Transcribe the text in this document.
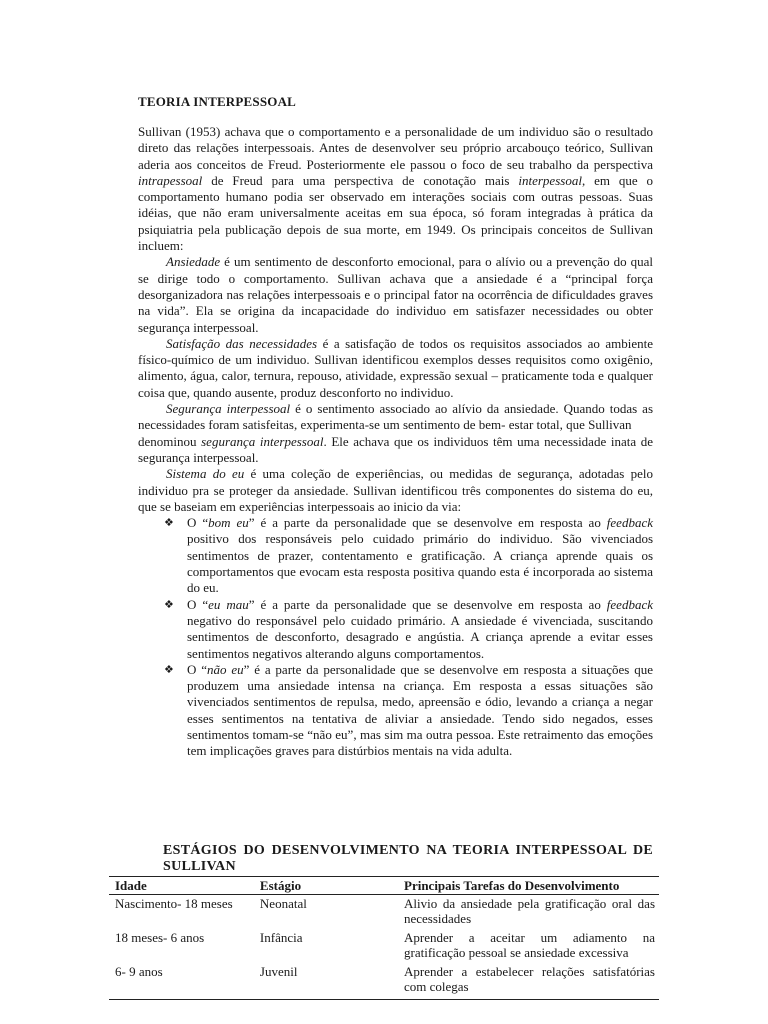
TEORIA INTERPESSOAL

Sullivan (1953) achava que o comportamento e a personalidade de um individuo são o resultado direto das relações interpessoais. Antes de desenvolver seu próprio arcabouço teórico, Sullivan aderia aos conceitos de Freud. Posteriormente ele passou o foco de seu trabalho da perspectiva intrapessoal de Freud para uma perspectiva de conotação mais interpessoal, em que o comportamento humano podia ser observado em interações sociais com outras pessoas. Suas idéias, que não eram universalmente aceitas em sua época, só foram integradas à prática da psiquiatria pela publicação depois de sua morte, em 1949. Os principais conceitos de Sullivan incluem:

Ansiedade é um sentimento de desconforto emocional, para o alívio ou a prevenção do qual se dirige todo o comportamento. Sullivan achava que a ansiedade é a “principal força desorganizadora nas relações interpessoais e o principal fator na ocorrência de dificuldades graves na vida”. Ela se origina da incapacidade do individuo em satisfazer necessidades ou obter segurança interpessoal.

Satisfação das necessidades é a satisfação de todos os requisitos associados ao ambiente físico-químico de um individuo. Sullivan identificou exemplos desses requisitos como oxigênio, alimento, água, calor, ternura, repouso, atividade, expressão sexual – praticamente toda e qualquer coisa que, quando ausente, produz desconforto no individuo.

Segurança interpessoal é o sentimento associado ao alívio da ansiedade. Quando todas as necessidades foram satisfeitas, experimenta-se um sentimento de bem- estar total, que Sullivan

denominou segurança interpessoal. Ele achava que os individuos têm uma necessidade inata de segurança interpessoal.

Sistema do eu é uma coleção de experiências, ou medidas de segurança, adotadas pelo individuo pra se proteger da ansiedade. Sullivan identificou três componentes do sistema do eu, que se baseiam em experiências interpessoais ao inicio da via:

❖ O “bom eu” é a parte da personalidade que se desenvolve em resposta ao feedback positivo dos responsáveis pelo cuidado primário do individuo. São vivenciados sentimentos de prazer, contentamento e gratificação. A criança aprende quais os comportamentos que evocam esta resposta positiva quando esta é incorporada ao sistema do eu.
❖ O “eu mau” é a parte da personalidade que se desenvolve em resposta ao feedback negativo do responsável pelo cuidado primário. A ansiedade é vivenciada, suscitando sentimentos de desconforto, desagrado e angústia. A criança aprende a evitar esses sentimentos negativos alterando alguns comportamentos.
❖ O “não eu” é a parte da personalidade que se desenvolve em resposta a situações que produzem uma ansiedade intensa na criança. Em resposta a essas situações são vivenciados sentimentos de repulsa, medo, apreensão e ódio, levando a criança a negar esses sentimentos na tentativa de aliviar a ansiedade. Tendo sido negados, esses sentimentos tomam-se “não eu”, mas sim ma outra pessoa. Este retraimento das emoções tem implicações graves para distúrbios mentais na vida adulta.
ESTÁGIOS DO DESENVOLVIMENTO NA TEORIA INTERPESSOAL DE SULLIVAN
Idade	Estágio	Principais Tarefas do Desenvolvimento
Nascimento- 18 meses	Neonatal	Alivio da ansiedade pela gratificação oral das necessidades
18 meses- 6 anos	Infância	Aprender a aceitar um adiamento na gratificação pessoal se ansiedade excessiva
6- 9 anos	Juvenil	Aprender a estabelecer relações satisfatórias com colegas
